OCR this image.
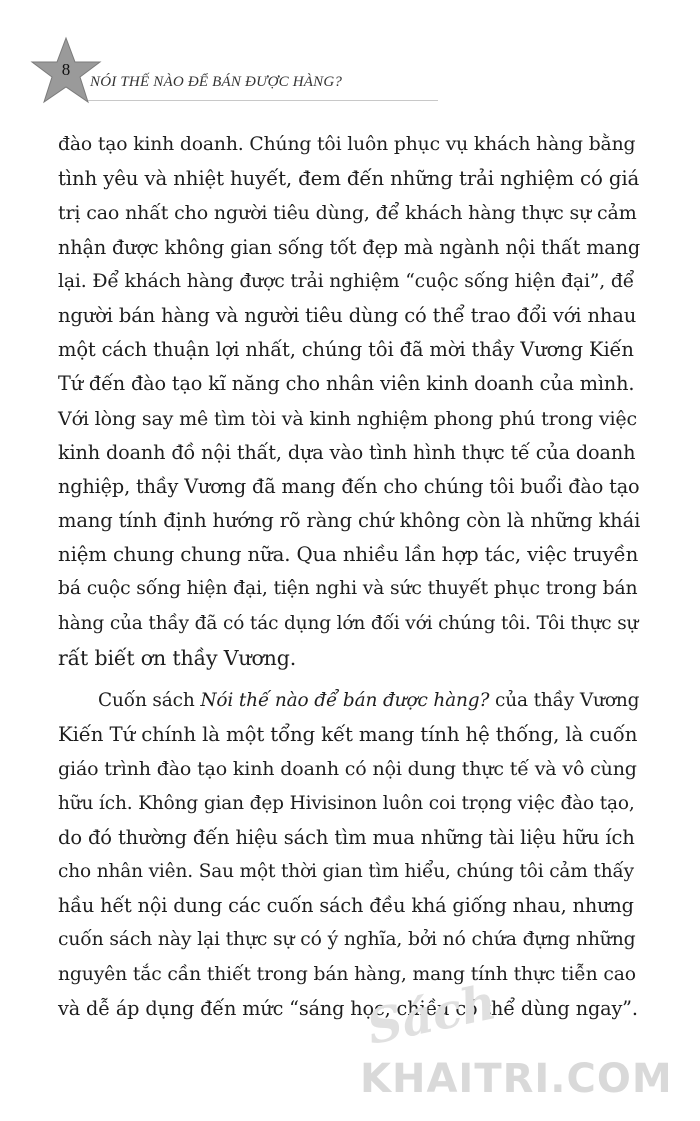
8
NÓI THẾ NÀO ĐỂ BÁN ĐƯỢC HÀNG?
đào tạo kinh doanh. Chúng tôi luôn phục vụ khách hàng bằng
tình yêu và nhiệt huyết, đem đến những trải nghiệm có giá
trị cao nhất cho người tiêu dùng, để khách hàng thực sự cảm
nhận được không gian sống tốt đẹp mà ngành nội thất mang
lại. Để khách hàng được trải nghiệm “cuộc sống hiện đại”, để
người bán hàng và người tiêu dùng có thể trao đổi với nhau
một cách thuận lợi nhất, chúng tôi đã mời thầy Vương Kiến
Tứ đến đào tạo kĩ năng cho nhân viên kinh doanh của mình.
Với lòng say mê tìm tòi và kinh nghiệm phong phú trong việc
kinh doanh đồ nội thất, dựa vào tình hình thực tế của doanh
nghiệp, thầy Vương đã mang đến cho chúng tôi buổi đào tạo
mang tính định hướng rõ ràng chứ không còn là những khái
niệm chung chung nữa. Qua nhiều lần hợp tác, việc truyền
bá cuộc sống hiện đại, tiện nghi và sức thuyết phục trong bán
hàng của thầy đã có tác dụng lớn đối với chúng tôi. Tôi thực sự
rất biết ơn thầy Vương.
Cuốn sách Nói thế nào để bán được hàng? của thầy Vương
Kiến Tứ chính là một tổng kết mang tính hệ thống, là cuốn
giáo trình đào tạo kinh doanh có nội dung thực tế và vô cùng
hữu ích. Không gian đẹp Hivisinon luôn coi trọng việc đào tạo,
do đó thường đến hiệu sách tìm mua những tài liệu hữu ích
cho nhân viên. Sau một thời gian tìm hiểu, chúng tôi cảm thấy
hầu hết nội dung các cuốn sách đều khá giống nhau, nhưng
cuốn sách này lại thực sự có ý nghĩa, bởi nó chứa đựng những
nguyên tắc cần thiết trong bán hàng, mang tính thực tiễn cao
và dễ áp dụng đến mức “sáng học, chiều có thể dùng ngay”.
Sách
KHAITRI.COM
